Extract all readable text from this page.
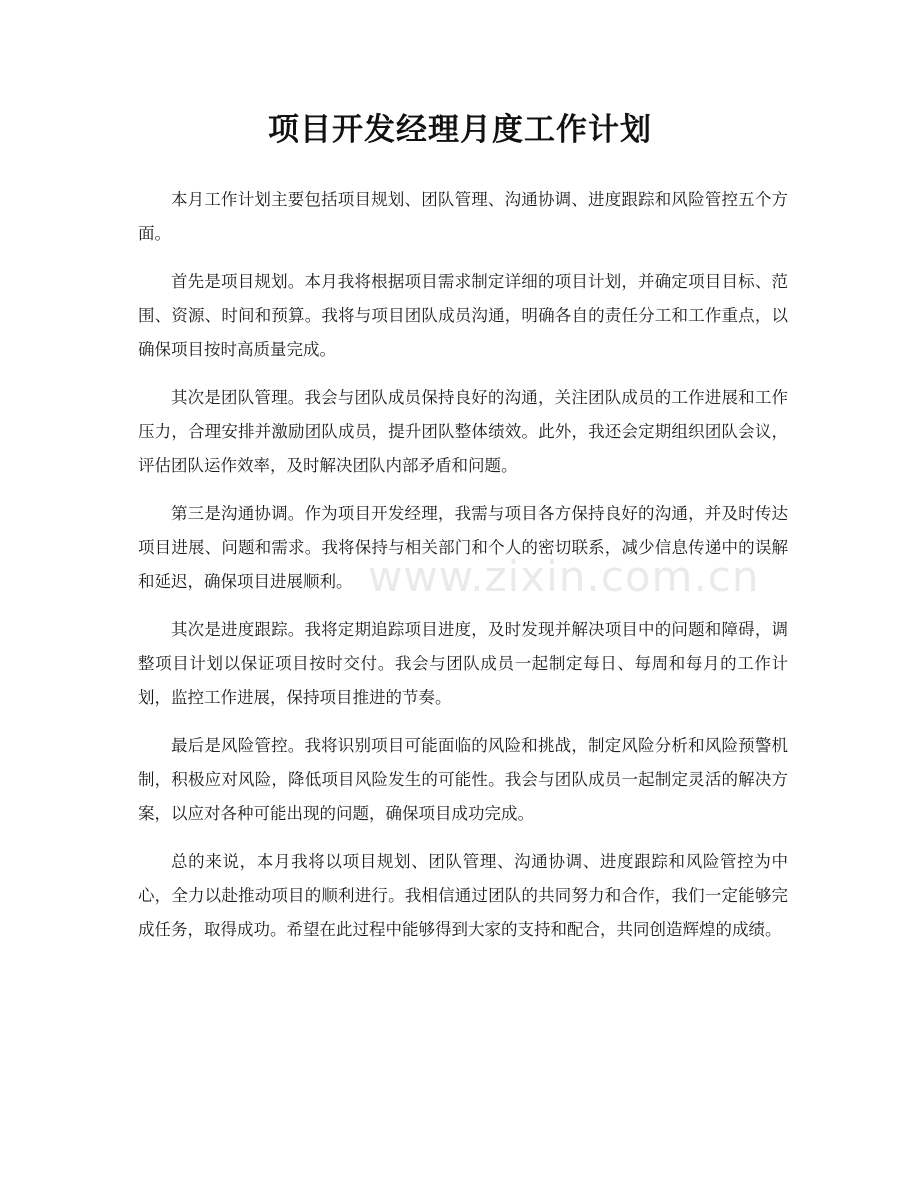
项目开发经理月度工作计划

本月工作计划主要包括项目规划、团队管理、沟通协调、进度跟踪和风险管控五个方面。

首先是项目规划。本月我将根据项目需求制定详细的项目计划，并确定项目目标、范围、资源、时间和预算。我将与项目团队成员沟通，明确各自的责任分工和工作重点，以确保项目按时高质量完成。

其次是团队管理。我会与团队成员保持良好的沟通，关注团队成员的工作进展和工作压力，合理安排并激励团队成员，提升团队整体绩效。此外，我还会定期组织团队会议，评估团队运作效率，及时解决团队内部矛盾和问题。

第三是沟通协调。作为项目开发经理，我需与项目各方保持良好的沟通，并及时传达项目进展、问题和需求。我将保持与相关部门和个人的密切联系，减少信息传递中的误解和延迟，确保项目进展顺利。

其次是进度跟踪。我将定期追踪项目进度，及时发现并解决项目中的问题和障碍，调整项目计划以保证项目按时交付。我会与团队成员一起制定每日、每周和每月的工作计划，监控工作进展，保持项目推进的节奏。

最后是风险管控。我将识别项目可能面临的风险和挑战，制定风险分析和风险预警机制，积极应对风险，降低项目风险发生的可能性。我会与团队成员一起制定灵活的解决方案，以应对各种可能出现的问题，确保项目成功完成。

总的来说，本月我将以项目规划、团队管理、沟通协调、进度跟踪和风险管控为中心，全力以赴推动项目的顺利进行。我相信通过团队的共同努力和合作，我们一定能够完成任务，取得成功。希望在此过程中能够得到大家的支持和配合，共同创造辉煌的成绩。

www.zixin.com.cn
